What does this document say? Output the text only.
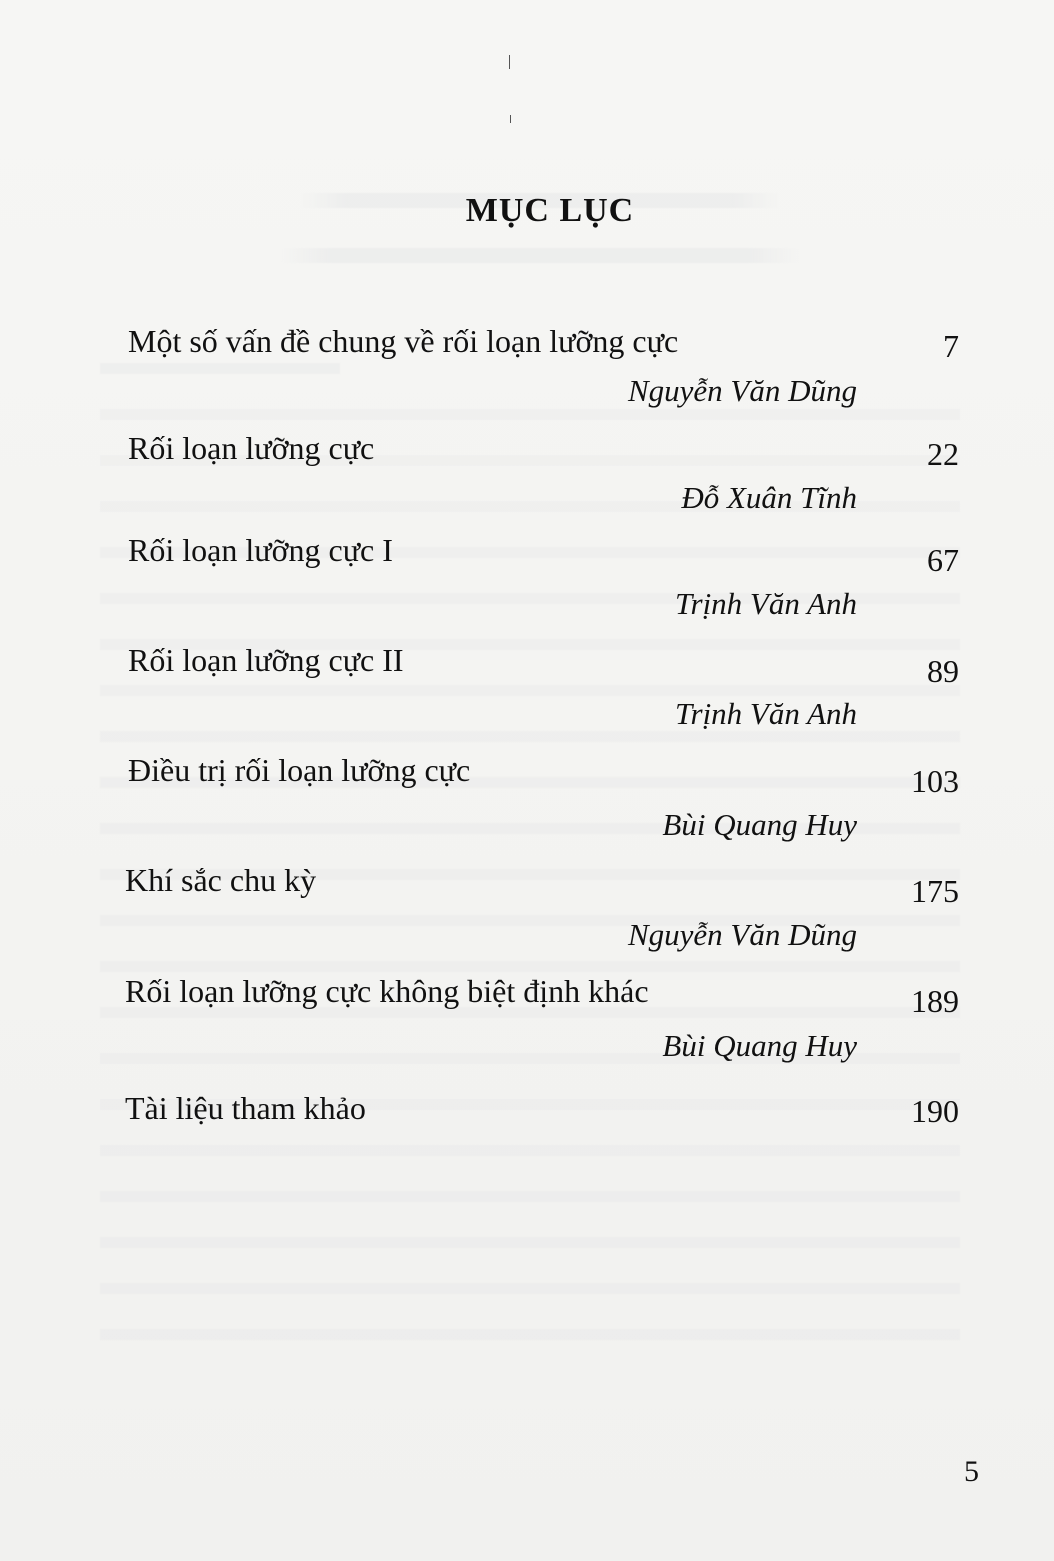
MỤC LỤC
Một số vấn đề chung về rối loạn lưỡng cực	7
Nguyễn Văn Dũng
Rối loạn lưỡng cực	22
Đỗ Xuân Tĩnh
Rối loạn lưỡng cực I	67
Trịnh Văn Anh
Rối loạn lưỡng cực II	89
Trịnh Văn Anh
Điều trị rối loạn lưỡng cực	103
Bùi Quang Huy
Khí sắc chu kỳ	175
Nguyễn Văn Dũng
Rối loạn lưỡng cực không biệt định khác	189
Bùi Quang Huy
Tài liệu tham khảo	190
5
